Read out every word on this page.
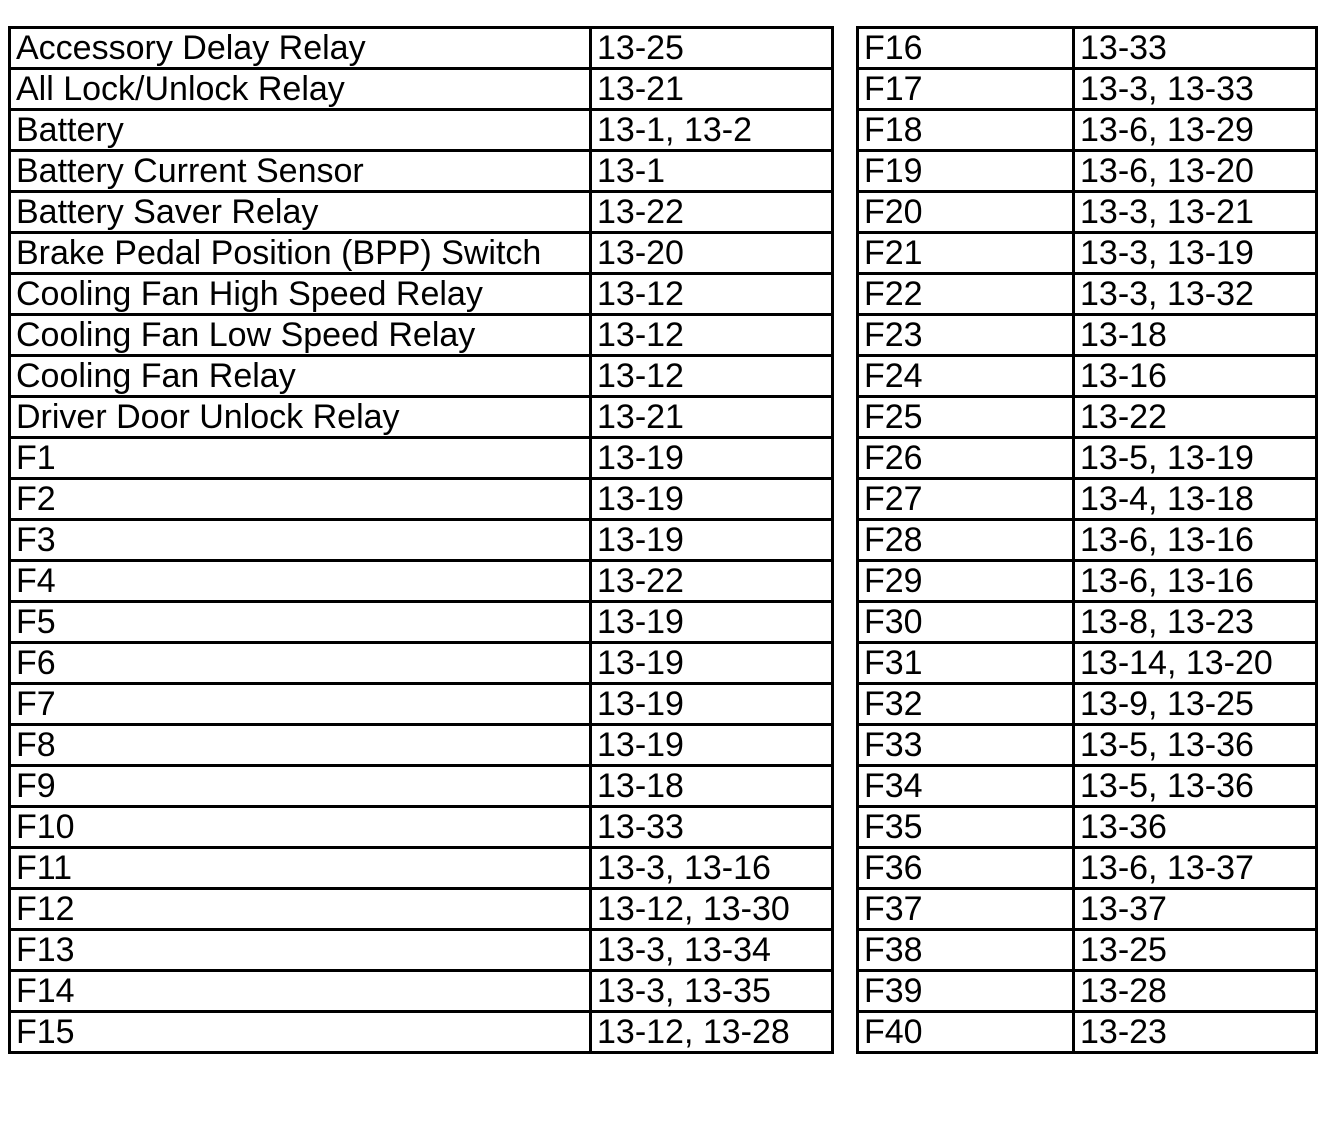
Accessory Delay Relay	13-25
All Lock/Unlock Relay	13-21
Battery	13-1, 13-2
Battery Current Sensor	13-1
Battery Saver Relay	13-22
Brake Pedal Position (BPP) Switch	13-20
Cooling Fan High Speed Relay	13-12
Cooling Fan Low Speed Relay	13-12
Cooling Fan Relay	13-12
Driver Door Unlock Relay	13-21
F1	13-19
F2	13-19
F3	13-19
F4	13-22
F5	13-19
F6	13-19
F7	13-19
F8	13-19
F9	13-18
F10	13-33
F11	13-3, 13-16
F12	13-12, 13-30
F13	13-3, 13-34
F14	13-3, 13-35
F15	13-12, 13-28
F16	13-33
F17	13-3, 13-33
F18	13-6, 13-29
F19	13-6, 13-20
F20	13-3, 13-21
F21	13-3, 13-19
F22	13-3, 13-32
F23	13-18
F24	13-16
F25	13-22
F26	13-5, 13-19
F27	13-4, 13-18
F28	13-6, 13-16
F29	13-6, 13-16
F30	13-8, 13-23
F31	13-14, 13-20
F32	13-9, 13-25
F33	13-5, 13-36
F34	13-5, 13-36
F35	13-36
F36	13-6, 13-37
F37	13-37
F38	13-25
F39	13-28
F40	13-23
